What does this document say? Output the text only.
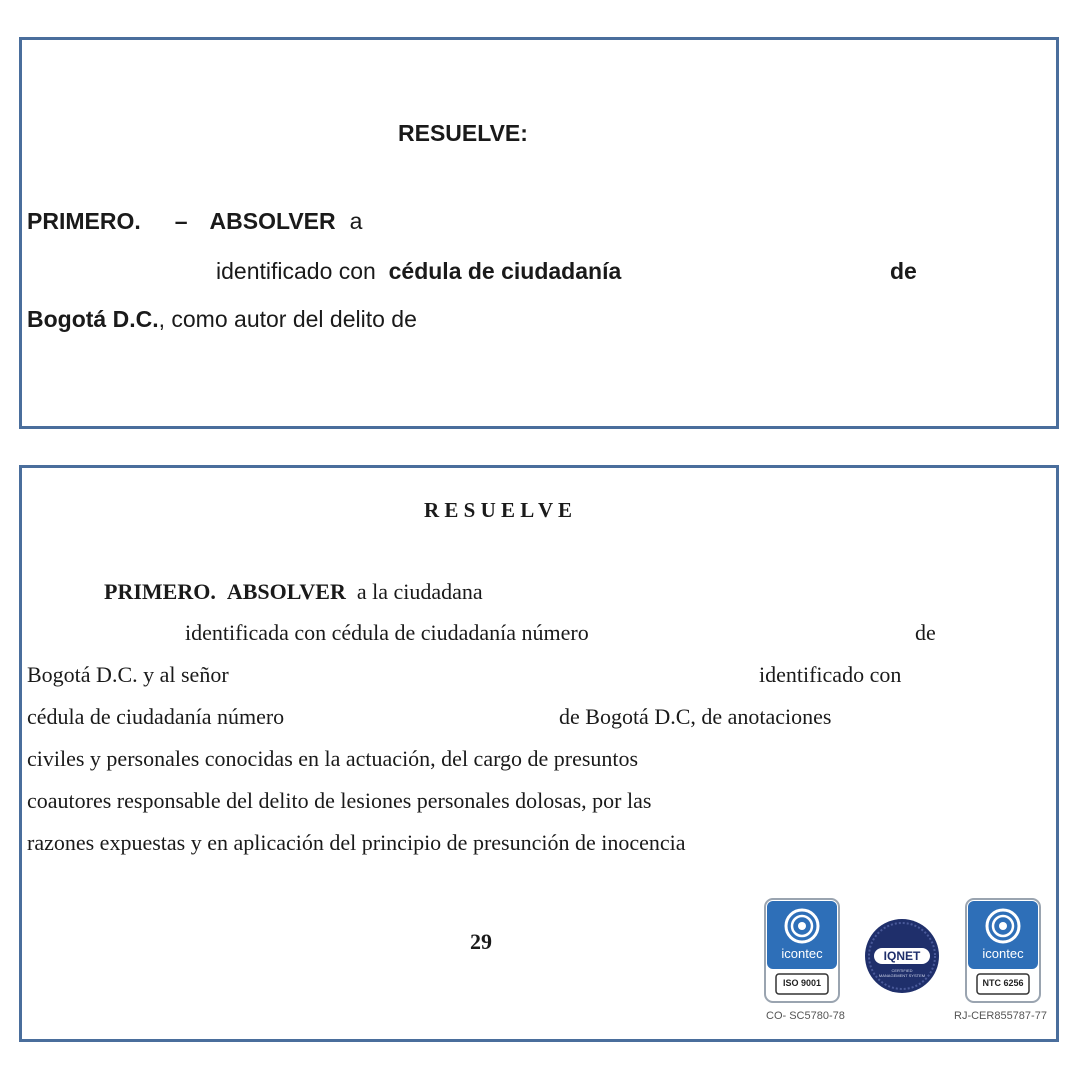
RESUELVE:
PRIMERO. – ABSOLVER a
identificado con cédula de ciudadanía	de
Bogotá D.C., como autor del delito de
R E S U E L V E
PRIMERO. ABSOLVER a la ciudadana
identificada con cédula de ciudadanía número	de
Bogotá D.C. y al señor	identificado con
cédula de ciudadanía número	de Bogotá D.C, de anotaciones
civiles y personales conocidas en la actuación, del cargo de presuntos
coautores responsable del delito de lesiones personales dolosas, por las
razones expuestas y en aplicación del principio de presunción de inocencia
29	icontec
ISO 9001
CO- SC5780-78
IQNET
CERTIFIED MANAGEMENT SYSTEM
icontec
NTC 6256
RJ-CER855787-77
